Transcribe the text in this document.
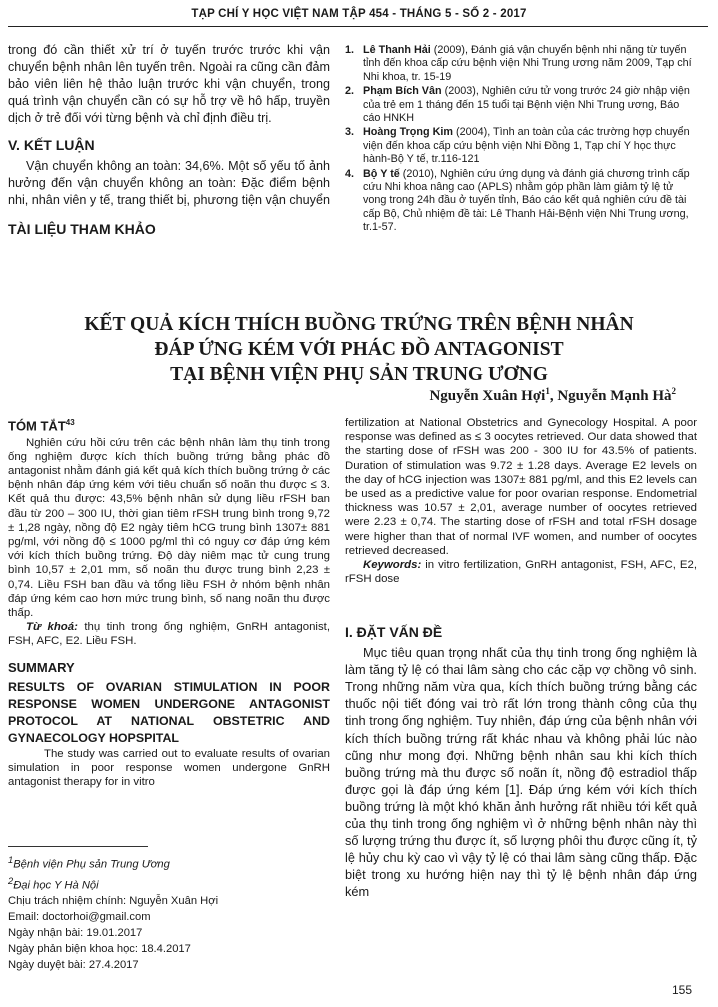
TẠP CHÍ Y HỌC VIỆT NAM TẬP 454 - THÁNG 5 - SỐ 2 - 2017

trong đó cần thiết xử trí ở tuyến trước trước khi vận chuyển bệnh nhân lên tuyến trên. Ngoài ra cũng cần đảm bảo viên liên hệ thảo luận trước khi vận chuyển, trong quá trình vận chuyển cần có sự hỗ trợ về hô hấp, truyền dịch ở trẻ đối với từng bệnh và chỉ định điều trị.

V. KẾT LUẬN

Vận chuyển không an toàn: 34,6%. Một số yếu tố ảnh hưởng đến vận chuyển không an toàn: Đặc điểm bệnh nhi, nhân viên y tế, trang thiết bị, phương tiện vận chuyển

TÀI LIỆU THAM KHẢO
1. Lê Thanh Hải (2009), Đánh giá vận chuyển bệnh nhi nặng từ tuyến tỉnh đến khoa cấp cứu bệnh viện Nhi Trung ương năm 2009, Tạp chí Nhi khoa, tr. 15-19
2. Phạm Bích Vân (2003), Nghiên cứu tử vong trước 24 giờ nhập viện của trẻ em 1 tháng đến 15 tuổi tại Bệnh viện Nhi Trung ương, Báo cáo HNKH
3. Hoàng Trọng Kim (2004), Tình an toàn của các trường hợp chuyển viện đến khoa cấp cứu bệnh viện Nhi Đồng 1, Tạp chí Y học thực hành-Bộ Y tế, tr.116-121
4. Bộ Y tế (2010), Nghiên cứu ứng dụng và đánh giá chương trình cấp cứu Nhi khoa nâng cao (APLS) nhằm góp phần làm giảm tỷ lệ tử vong trong 24h đầu ở tuyến tỉnh, Báo cáo kết quả nghiên cứu đề tài cấp Bộ, Chủ nhiệm đề tài: Lê Thanh Hải-Bệnh viện Nhi Trung ương, tr.1-57.
KẾT QUẢ KÍCH THÍCH BUỒNG TRỨNG TRÊN BỆNH NHÂN
ĐÁP ỨNG KÉM VỚI PHÁC ĐỒ ANTAGONIST
TẠI BỆNH VIỆN PHỤ SẢN TRUNG ƯƠNG
Nguyễn Xuân Hợi$^1$, Nguyễn Mạnh $Hà^2$
TÓM TẮT$^{43}$

Nghiên cứu hồi cứu trên các bệnh nhân làm thụ tinh trong ống nghiệm được kích thích buồng trứng bằng phác đồ antagonist nhằm đánh giá kết quả kích thích buồng trứng ở các bệnh nhân đáp ứng kém với tiêu chuẩn số noãn thu được ≤ 3. Kết quả thu được: 43,5% bệnh nhân sử dụng liều rFSH ban đầu từ 200 – 300 IU, thời gian tiêm rFSH trung bình trong 9,72 ± 1,28 ngày, nồng độ E2 ngày tiêm hCG trung bình 1307± 881 pg/ml, với nồng độ ≤ 1000 pg/ml thì có nguy cơ đáp ứng kém với kích thích buồng trứng. Độ dày niêm mạc tử cung trung bình 10,57 ± 2,01 mm, số noãn thu được trung bình 2,23 ± 0,74. Liều FSH ban đầu và tổng liều FSH ở nhóm bệnh nhân đáp ứng kém cao hơn mức trung bình, số nang noãn thu được thấp.

Từ khoá: thụ tinh trong ống nghiệm, GnRH antagonist, FSH, AFC, E2. Liều FSH.

SUMMARY

RESULTS OF OVARIAN STIMULATION IN POOR RESPONSE WOMEN UNDERGONE ANTAGONIST PROTOCOL AT NATIONAL OBSTETRIC AND GYNAECOLOGY HOPSPITAL

The study was carried out to evaluate results of ovarian simulation in poor response women undergone GnRH antagonist therapy for in vitro

$^1$Bệnh viện Phụ sản Trung Ương
$^2$Đại học Y Hà Nội
Chịu trách nhiệm chính: Nguyễn Xuân Hợi
Email: doctorhoi@gmail.com
Ngày nhận bài: 19.01.2017
Ngày phản biện khoa học: 18.4.2017
Ngày duyệt bài: 27.4.2017

fertilization at National Obstetrics and Gynecology Hospital. A poor response was defined as ≤ 3 oocytes retrieved. Our data showed that the starting dose of rFSH was 200 - 300 IU for 43.5% of patients. Duration of stimulation was 9.72 ± 1.28 days. Average E2 levels on the day of hCG injection was 1307± 881 pg/ml, and this E2 levels can be used as a predictive value for poor ovarian response. Endometrial thickness was 10.57 ± 2,01, average number of oocytes retrieved were 2.23 ± 0,74. The starting dose of rFSH and total rFSH dosage were higher than that of normal IVF women, and number of oocytes retrieved decreased.

Keywords: in vitro fertilization, GnRH antagonist, FSH, AFC, E2, rFSH dose

I. ĐẶT VẤN ĐỀ

Mục tiêu quan trọng nhất của thụ tinh trong ống nghiệm là làm tăng tỷ lệ có thai lâm sàng cho các cặp vợ chồng vô sinh. Trong những năm vừa qua, kích thích buồng trứng bằng các thuốc nội tiết đóng vai trò rất lớn trong thành công của thụ tinh trong ống nghiệm. Tuy nhiên, đáp ứng của bệnh nhân với kích thích buồng trứng rất khác nhau và không phải lúc nào cũng như mong đợi. Những bệnh nhân sau khi kích thích buồng trứng mà thu được số noãn ít, nồng độ estradiol thấp được gọi là đáp ứng kém [1]. Đáp ứng kém với kích thích buồng trứng là một khó khăn ảnh hưởng rất nhiều tới kết quả của thụ tinh trong ống nghiệm vì ở những bệnh nhân này thì số lượng trứng thu được ít, số lượng phôi thu được cũng ít, tỷ lệ hủy chu kỳ cao vì vậy tỷ lệ có thai lâm sàng cũng thấp. Đặc biệt trong xu hướng hiện nay thì tỷ lệ bệnh nhân đáp ứng kém

155
